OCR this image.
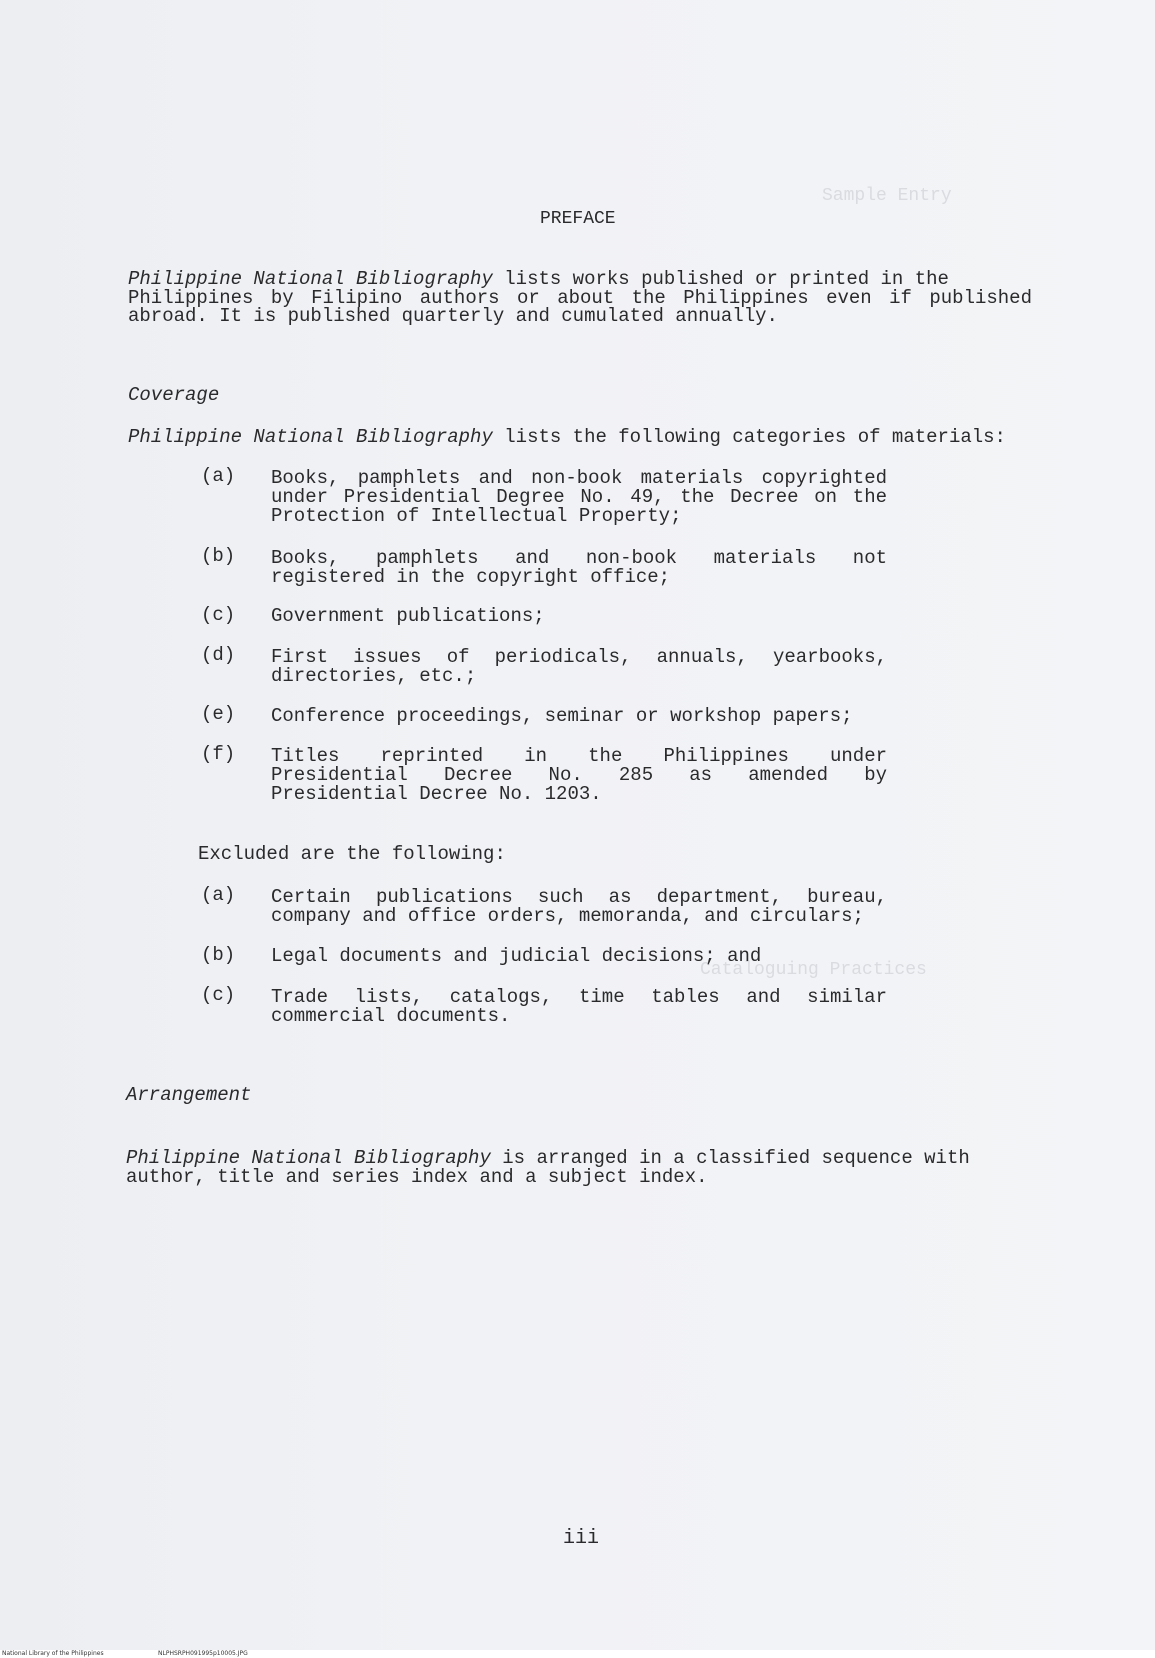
Sample Entry
Cataloguing Practices
PREFACE
Philippine National Bibliography lists works published or printed in the
Philippines by Filipino authors or about the Philippines even if published
abroad. It is published quarterly and cumulated annually.
Coverage
Philippine National Bibliography lists the following categories of materials:
(a) Books, pamphlets and non-book materials copyrighted
under Presidential Degree No. 49, the Decree on the
Protection of Intellectual Property;
(b) Books, pamphlets and non-book materials not
registered in the copyright office;
(c) Government publications;
(d) First issues of periodicals, annuals, yearbooks,
directories, etc.;
(e) Conference proceedings, seminar or workshop papers;
(f) Titles reprinted in the Philippines under
Presidential Decree No. 285 as amended by
Presidential Decree No. 1203.
Excluded are the following:
(a) Certain publications such as department, bureau,
company and office orders, memoranda, and circulars;
(b) Legal documents and judicial decisions; and
(c) Trade lists, catalogs, time tables and similar
commercial documents.
Arrangement
Philippine National Bibliography is arranged in a classified sequence with
author, title and series index and a subject index.
iii
National Library of the Philippines	NLPHSRPH091995p10005.JPG
